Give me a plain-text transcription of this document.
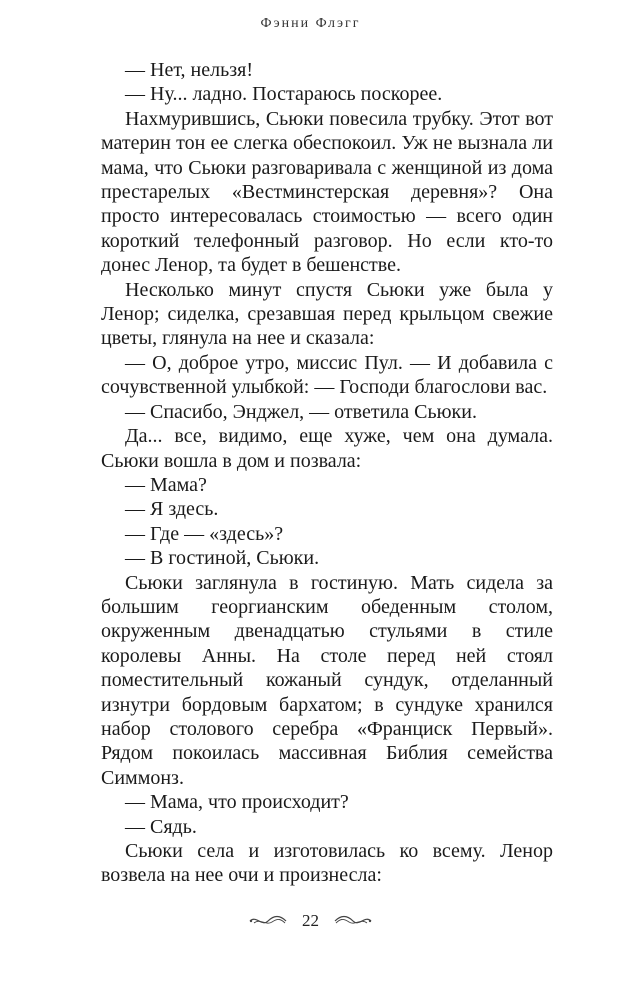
Фэнни Флэгг

— Нет, нельзя!

— Ну... ладно. Постараюсь поскорее.

Нахмурившись, Сьюки повесила трубку. Этот вот материн тон ее слегка обеспокоил. Уж не вызнала ли мама, что Сьюки разговаривала с женщиной из дома престарелых «Вестминстерская деревня»? Она просто интересовалась стоимостью — всего один короткий телефонный разговор. Но если кто-то донес Ленор, та будет в бешенстве.

Несколько минут спустя Сьюки уже была у Ленор; сиделка, срезавшая перед крыльцом свежие цветы, глянула на нее и сказала:

— О, доброе утро, миссис Пул. — И добавила с сочувственной улыбкой: — Господи благослови вас.

— Спасибо, Энджел, — ответила Сьюки.

Да... все, видимо, еще хуже, чем она думала. Сьюки вошла в дом и позвала:

— Мама?

— Я здесь.

— Где — «здесь»?

— В гостиной, Сьюки.

Сьюки заглянула в гостиную. Мать сидела за большим георгианским обеденным столом, окруженным двенадцатью стульями в стиле королевы Анны. На столе перед ней стоял поместительный кожаный сундук, отделанный изнутри бордовым бархатом; в сундуке хранился набор столового серебра «Франциск Первый». Рядом покоилась массивная Библия семейства Симмонз.

— Мама, что происходит?

— Сядь.

Сьюки села и изготовилась ко всему. Ленор возвела на нее очи и произнесла:

22
